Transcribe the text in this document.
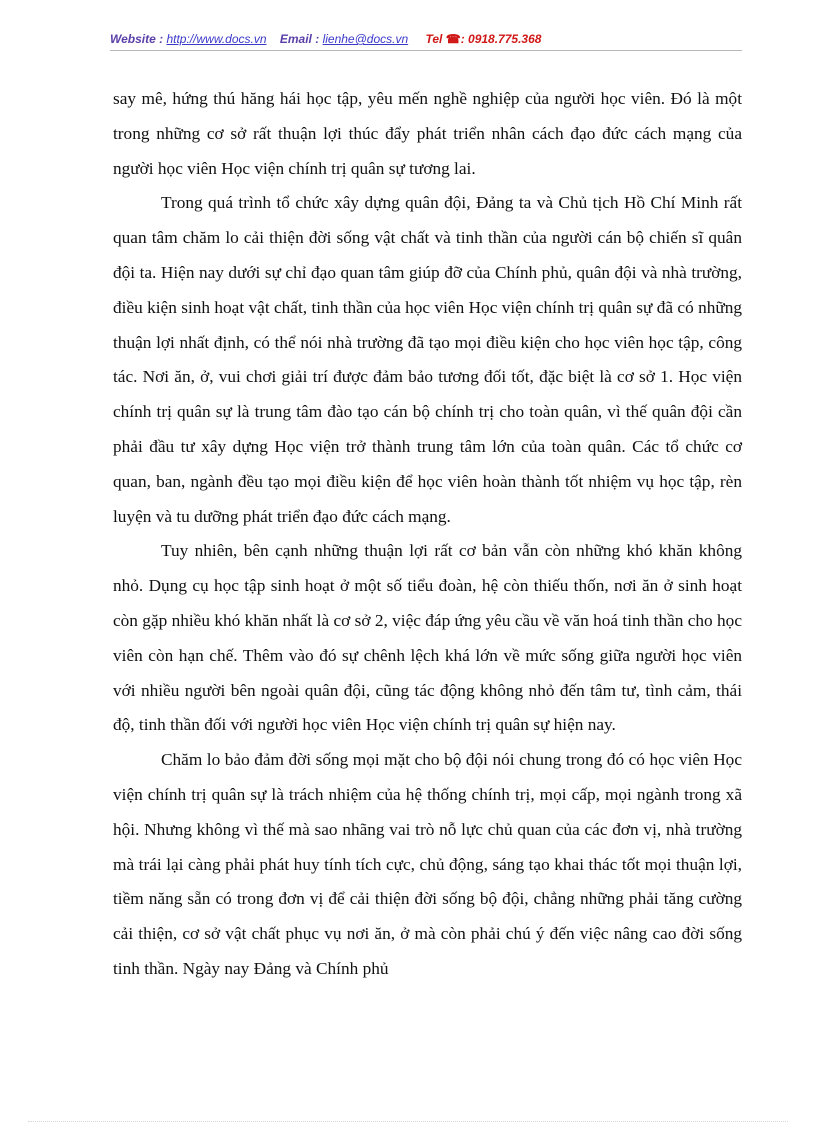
Website : http://www.docs.vn Email : lienhe@docs.vn Tel ☎: 0918.775.368

say mê, hứng thú hăng hái học tập, yêu mến nghề nghiệp của người học viên. Đó là một trong những cơ sở rất thuận lợi thúc đẩy phát triển nhân cách đạo đức cách mạng của người học viên Học viện chính trị quân sự tương lai.

Trong quá trình tổ chức xây dựng quân đội, Đảng ta và Chủ tịch Hồ Chí Minh rất quan tâm chăm lo cải thiện đời sống vật chất và tinh thần của người cán bộ chiến sĩ quân đội ta. Hiện nay dưới sự chỉ đạo quan tâm giúp đỡ của Chính phủ, quân đội và nhà trường, điều kiện sinh hoạt vật chất, tinh thần của học viên Học viện chính trị quân sự đã có những thuận lợi nhất định, có thể nói nhà trường đã tạo mọi điều kiện cho học viên học tập, công tác. Nơi ăn, ở, vui chơi giải trí được đảm bảo tương đối tốt, đặc biệt là cơ sở 1. Học viện chính trị quân sự là trung tâm đào tạo cán bộ chính trị cho toàn quân, vì thế quân đội cần phải đầu tư xây dựng Học viện trở thành trung tâm lớn của toàn quân. Các tổ chức cơ quan, ban, ngành đều tạo mọi điều kiện để học viên hoàn thành tốt nhiệm vụ học tập, rèn luyện và tu dưỡng phát triển đạo đức cách mạng.

Tuy nhiên, bên cạnh những thuận lợi rất cơ bản vẫn còn những khó khăn không nhỏ. Dụng cụ học tập sinh hoạt ở một số tiểu đoàn, hệ còn thiếu thốn, nơi ăn ở sinh hoạt còn gặp nhiều khó khăn nhất là cơ sở 2, việc đáp ứng yêu cầu về văn hoá tinh thần cho học viên còn hạn chế. Thêm vào đó sự chênh lệch khá lớn về mức sống giữa người học viên với nhiều người bên ngoài quân đội, cũng tác động không nhỏ đến tâm tư, tình cảm, thái độ, tinh thần đối với người học viên Học viện chính trị quân sự hiện nay.

Chăm lo bảo đảm đời sống mọi mặt cho bộ đội nói chung trong đó có học viên Học viện chính trị quân sự là trách nhiệm của hệ thống chính trị, mọi cấp, mọi ngành trong xã hội. Nhưng không vì thế mà sao nhãng vai trò nỗ lực chủ quan của các đơn vị, nhà trường mà trái lại càng phải phát huy tính tích cực, chủ động, sáng tạo khai thác tốt mọi thuận lợi, tiềm năng sẵn có trong đơn vị để cải thiện đời sống bộ đội, chẳng những phải tăng cường cải thiện, cơ sở vật chất phục vụ nơi ăn, ở mà còn phải chú ý đến việc nâng cao đời sống tinh thần. Ngày nay Đảng và Chính phủ
